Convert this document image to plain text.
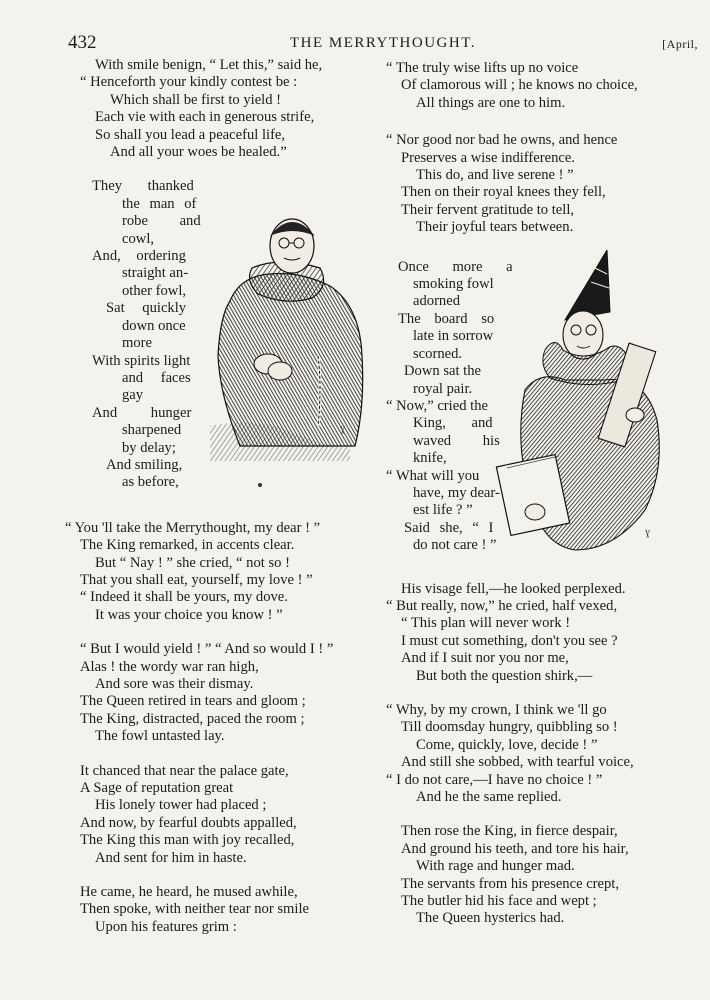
432	THE MERRYTHOUGHT.	[April,
With smile benign, “ Let this,” said he,
“ Henceforth your kindly contest be :
Which shall be first to yield !
Each vie with each in generous strife,
So shall you lead a peaceful life,
And all your woes be healed.”
They thanked
the man of
robe and
cowl,
And, ordering
straight an-
other fowl,
Sat quickly
down once
more
With spirits light
and faces
gay
And hunger
sharpened
by delay;
And smiling,
as before,
“ You 'll take the Merrythought, my dear ! ”
The King remarked, in accents clear.
But “ Nay ! ” she cried, “ not so !
That you shall eat, yourself, my love ! ”
“ Indeed it shall be yours, my dove.
It was your choice you know ! ”
“ But I would yield ! ” “ And so would I ! ”
Alas ! the wordy war ran high,
And sore was their dismay.
The Queen retired in tears and gloom ;
The King, distracted, paced the room ;
The fowl untasted lay.
It chanced that near the palace gate,
A Sage of reputation great
His lonely tower had placed ;
And now, by fearful doubts appalled,
The King this man with joy recalled,
And sent for him in haste.
He came, he heard, he mused awhile,
Then spoke, with neither tear nor smile
Upon his features grim :
“ The truly wise lifts up no voice
Of clamorous will ; he knows no choice,
All things are one to him.
“ Nor good nor bad he owns, and hence
Preserves a wise indifference.
This do, and live serene ! ”
Then on their royal knees they fell,
Their fervent gratitude to tell,
Their joyful tears between.
Once more a
smoking fowl
adorned
The board so
late in sorrow
scorned.
Down sat the
royal pair.
“ Now,” cried the
King, and
waved his
knife,
“ What will you
have, my dear-
est life ? ”
Said she, “ I
do not care ! ”
His visage fell,—he looked perplexed.
“ But really, now,” he cried, half vexed,
“ This plan will never work !
I must cut something, don't you see ?
And if I suit nor you nor me,
But both the question shirk,—
“ Why, by my crown, I think we 'll go
Till doomsday hungry, quibbling so !
Come, quickly, love, decide ! ”
And still she sobbed, with tearful voice,
“ I do not care,—I have no choice ! ”
And he the same replied.
Then rose the King, in fierce despair,
And ground his teeth, and tore his hair,
With rage and hunger mad.
The servants from his presence crept,
The butler hid his face and wept ;
The Queen hysterics had.
ɣ
ɣ
